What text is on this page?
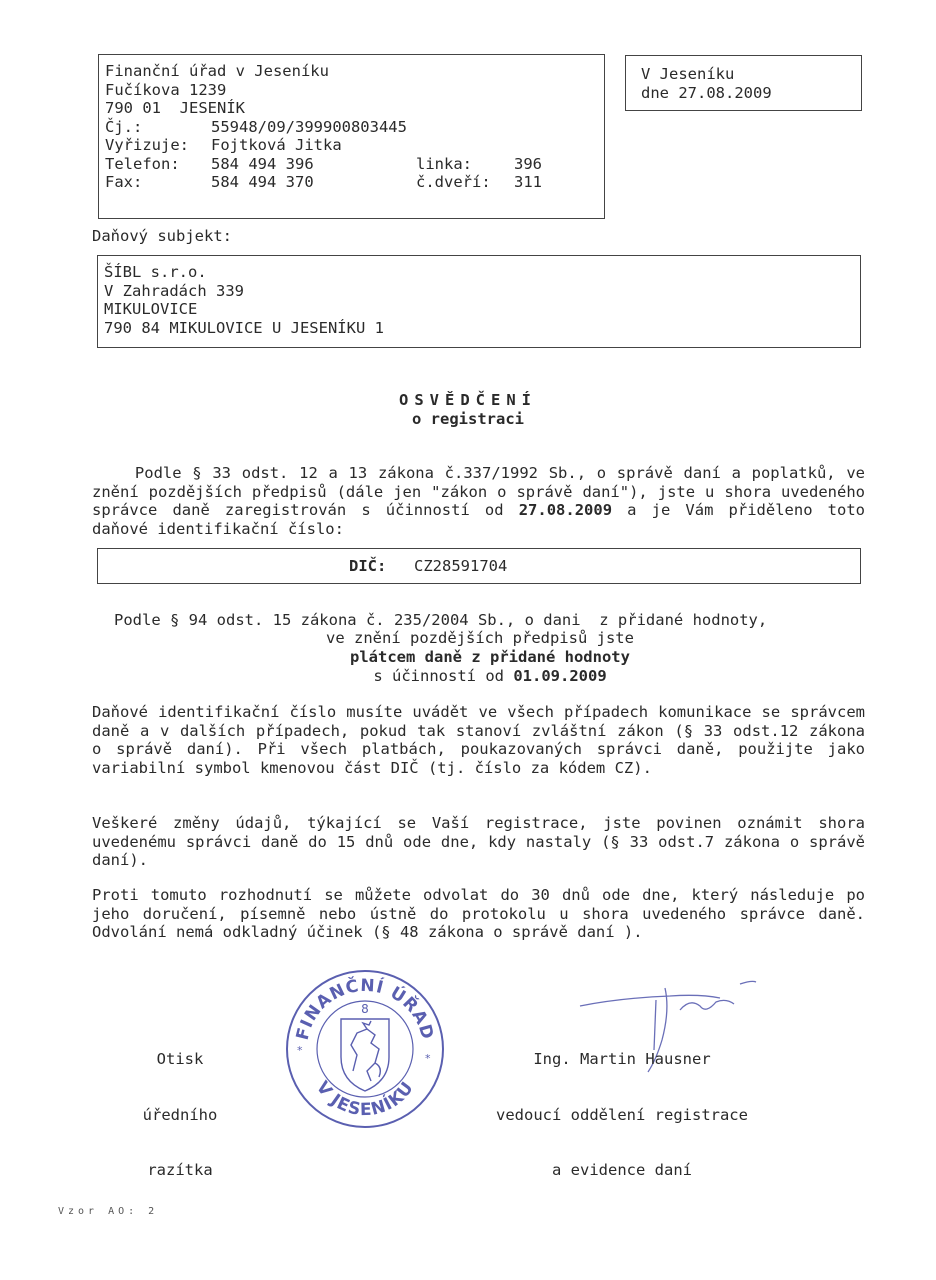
Finanční úřad v Jeseníku
Fučíkova 1239
790 01  JESENÍK
Čj.:	55948/09/399900803445
Vyřizuje:	Fojtková Jitka
Telefon:	584 494 396	linka:	396
Fax:	584 494 370	č.dveří:	311
V Jeseníku
dne 27.08.2009
Daňový subjekt:
ŠÍBL s.r.o.
V Zahradách 339
MIKULOVICE
790 84 MIKULOVICE U JESENÍKU 1
OSVĚDČENÍ
o registraci
Podle § 33 odst. 12 a 13 zákona č.337/1992 Sb., o správě daní a poplatků, ve znění pozdějších předpisů (dále jen "zákon o správě daní"), jste u shora uvedeného správce daně zaregistrován s účinností od 27.08.2009 a je Vám přiděleno toto daňové identifikační číslo:
DIČ: CZ28591704
Podle § 94 odst. 15 zákona č. 235/2004 Sb., o dani  z přidané hodnoty,
ve znění pozdějších předpisů jste
plátcem daně z přidané hodnoty
s účinností od 01.09.2009
Daňové identifikační číslo musíte uvádět ve všech případech komunikace se správcem daně a v dalších případech, pokud tak stanoví zvláštní zákon (§ 33 odst.12 zákona o správě daní). Při všech platbách, poukazovaných správci daně, použijte jako variabilní symbol kmenovou část DIČ (tj. číslo za kódem CZ).
Veškeré změny údajů, týkající se Vaší registrace, jste povinen oznámit shora uvedenému správci daně do 15 dnů ode dne, kdy nastaly (§ 33 odst.7 zákona o správě daní).
Proti tomuto rozhodnutí se můžete odvolat do 30 dnů ode dne, který následuje po jeho doručení, písemně nebo ústně do protokolu u shora uvedeného správce daně. Odvolání nemá odkladný účinek (§ 48 zákona o správě daní ).

Otisk

úředního

razítka

FINANČNÍ ÚŘAD
V JESENÍKU
*
*
8

Ing. Martin Hausner

vedoucí oddělení registrace

a evidence daní

Vzor AO: 2
